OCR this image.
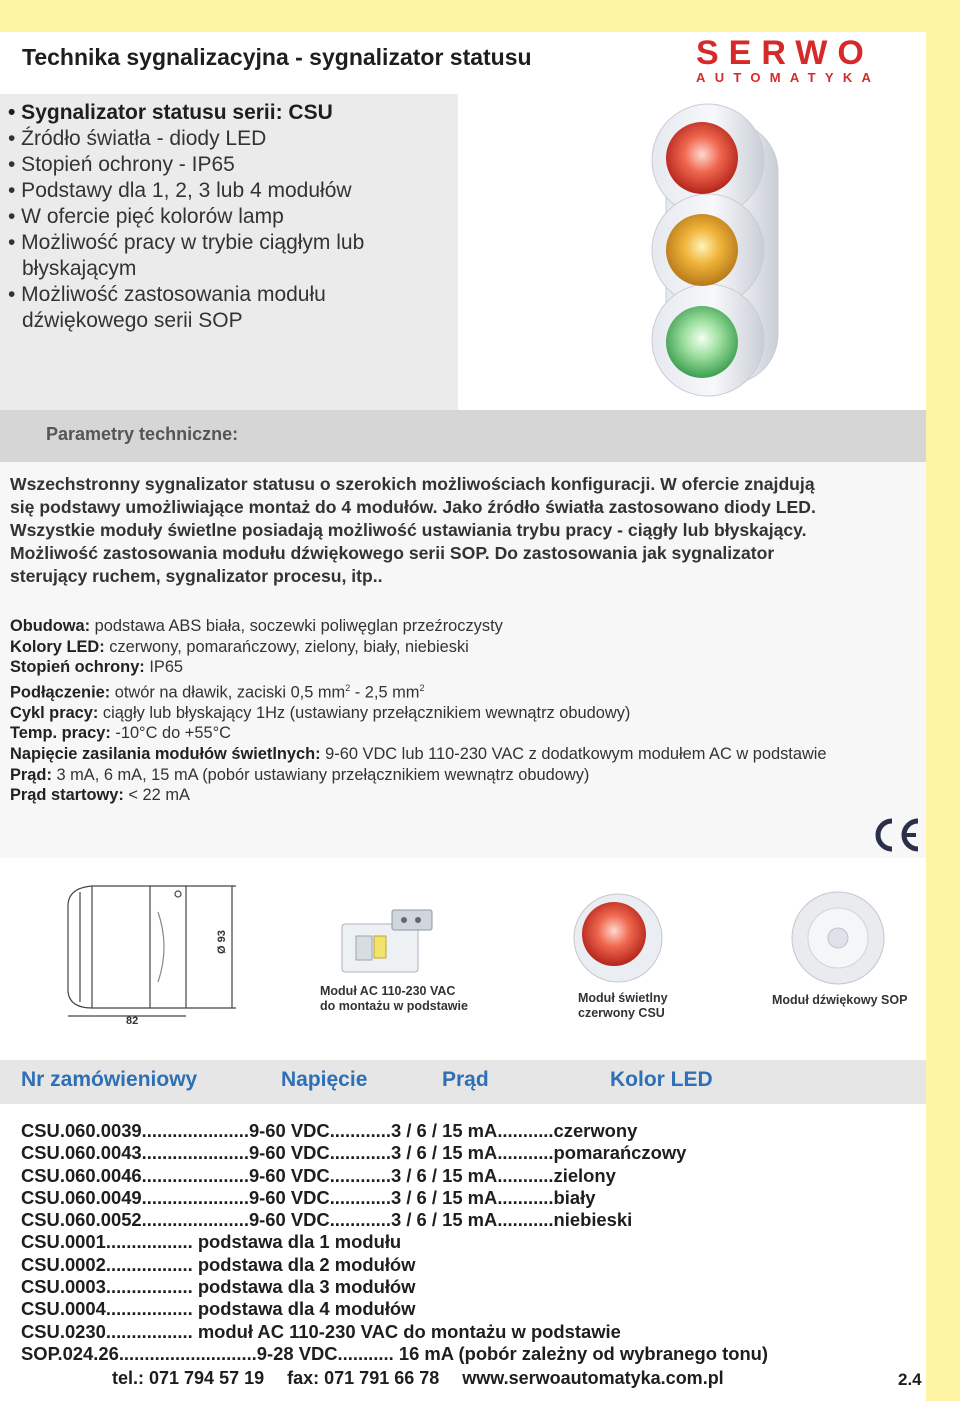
Technika sygnalizacyjna - sygnalizator statusu	SERWO
AUTOMATYKA
• Sygnalizator statusu serii: CSU
• Źródło światła - diody LED
• Stopień ochrony - IP65
• Podstawy dla 1, 2, 3 lub 4 modułów
• W ofercie pięć kolorów lamp
• Możliwość pracy w trybie ciągłym lub
błyskającym
• Możliwość zastosowania modułu
dźwiękowego serii SOP
Parametry techniczne:
Wszechstronny sygnalizator statusu o szerokich możliwościach konfiguracji. W ofercie znajdują
się podstawy umożliwiające montaż do 4 modułów. Jako źródło światła zastosowano diody LED.
Wszystkie moduły świetlne posiadają możliwość ustawiania trybu pracy - ciągły lub błyskający.
Możliwość zastosowania modułu dźwiękowego serii SOP. Do zastosowania jak sygnalizator
sterujący ruchem, sygnalizator procesu, itp..
Obudowa: podstawa ABS biała, soczewki poliwęglan przeźroczysty
Kolory LED: czerwony, pomarańczowy, zielony, biały, niebieski
Stopień ochrony: IP65
Podłączenie: otwór na dławik, zaciski 0,5 $mm^2 - 2,5$ $mm^2$
Cykl pracy: ciągły lub błyskający 1Hz (ustawiany przełącznikiem wewnątrz obudowy)
Temp. pracy: -10°C do +55°C
Napięcie zasilania modułów świetlnych: 9-60 VDC lub 110-230 VAC z dodatkowym modułem AC w podstawie
Prąd: 3 mA, 6 mA, 15 mA (pobór ustawiany przełącznikiem wewnątrz obudowy)
Prąd startowy: < 22 mA
Ø 93
82
Moduł AC 110-230 VAC
do montażu w podstawie
Moduł świetlny
czerwony CSU
Moduł dźwiękowy SOP
Nr zamówieniowy	Napięcie	Prąd	Kolor LED
CSU.060.0039.....................9-60 VDC............3 / 6 / 15 mA...........czerwony
CSU.060.0043.....................9-60 VDC............3 / 6 / 15 mA...........pomarańczowy
CSU.060.0046.....................9-60 VDC............3 / 6 / 15 mA...........zielony
CSU.060.0049.....................9-60 VDC............3 / 6 / 15 mA...........biały
CSU.060.0052.....................9-60 VDC............3 / 6 / 15 mA...........niebieski
CSU.0001................. podstawa dla 1 modułu
CSU.0002................. podstawa dla 2 modułów
CSU.0003................. podstawa dla 3 modułów
CSU.0004................. podstawa dla 4 modułów
CSU.0230................. moduł AC 110-230 VAC do montażu w podstawie
SOP.024.26...........................9-28 VDC........... 16 mA (pobór zależny od wybranego tonu)
tel.: 071 794 57 19 fax: 071 791 66 78 www.serwoautomatyka.com.pl	2.4
